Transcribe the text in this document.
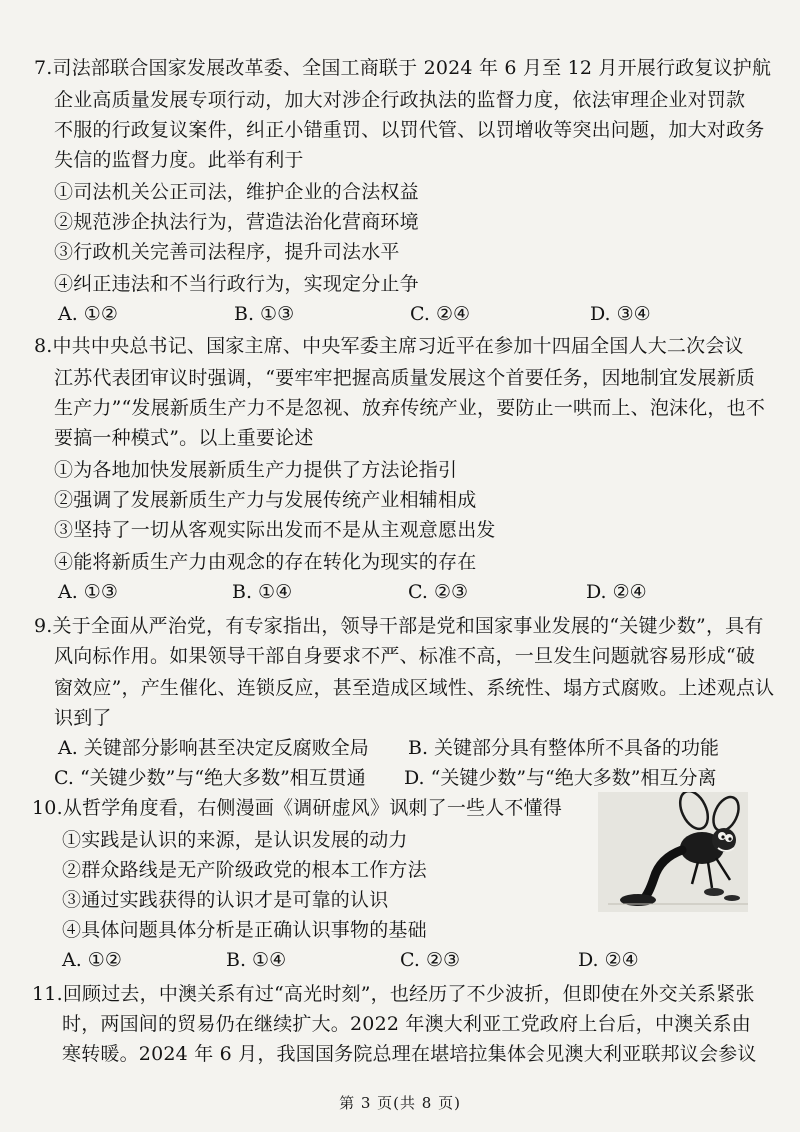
7.司法部联合国家发展改革委、全国工商联于 2024 年 6 月至 12 月开展行政复议护航
企业高质量发展专项行动，加大对涉企行政执法的监督力度，依法审理企业对罚款
不服的行政复议案件，纠正小错重罚、以罚代管、以罚增收等突出问题，加大对政务
失信的监督力度。此举有利于
①司法机关公正司法，维护企业的合法权益
②规范涉企执法行为，营造法治化营商环境
③行政机关完善司法程序，提升司法水平
④纠正违法和不当行政行为，实现定分止争
A. ①②	B. ①③	C. ②④	D. ③④
8.中共中央总书记、国家主席、中央军委主席习近平在参加十四届全国人大二次会议
江苏代表团审议时强调，“要牢牢把握高质量发展这个首要任务，因地制宜发展新质
生产力”“发展新质生产力不是忽视、放弃传统产业，要防止一哄而上、泡沫化，也不
要搞一种模式”。以上重要论述
①为各地加快发展新质生产力提供了方法论指引
②强调了发展新质生产力与发展传统产业相辅相成
③坚持了一切从客观实际出发而不是从主观意愿出发
④能将新质生产力由观念的存在转化为现实的存在
A. ①③	B. ①④	C. ②③	D. ②④
9.关于全面从严治党，有专家指出，领导干部是党和国家事业发展的“关键少数”，具有
风向标作用。如果领导干部自身要求不严、标准不高，一旦发生问题就容易形成“破
窗效应”，产生催化、连锁反应，甚至造成区域性、系统性、塌方式腐败。上述观点认
识到了
A. 关键部分影响甚至决定反腐败全局 B. 关键部分具有整体所不具备的功能
C. “关键少数”与“绝大多数”相互贯通 D. “关键少数”与“绝大多数”相互分离
10.从哲学角度看，右侧漫画《调研虚风》讽刺了一些人不懂得
①实践是认识的来源，是认识发展的动力
②群众路线是无产阶级政党的根本工作方法
③通过实践获得的认识才是可靠的认识
④具体问题具体分析是正确认识事物的基础
A. ①②	B. ①④	C. ②③	D. ②④
11.回顾过去，中澳关系有过“高光时刻”，也经历了不少波折，但即使在外交关系紧张
时，两国间的贸易仍在继续扩大。2022 年澳大利亚工党政府上台后，中澳关系由
寒转暖。2024 年 6 月，我国国务院总理在堪培拉集体会见澳大利亚联邦议会参议
第 3 页(共 8 页)
